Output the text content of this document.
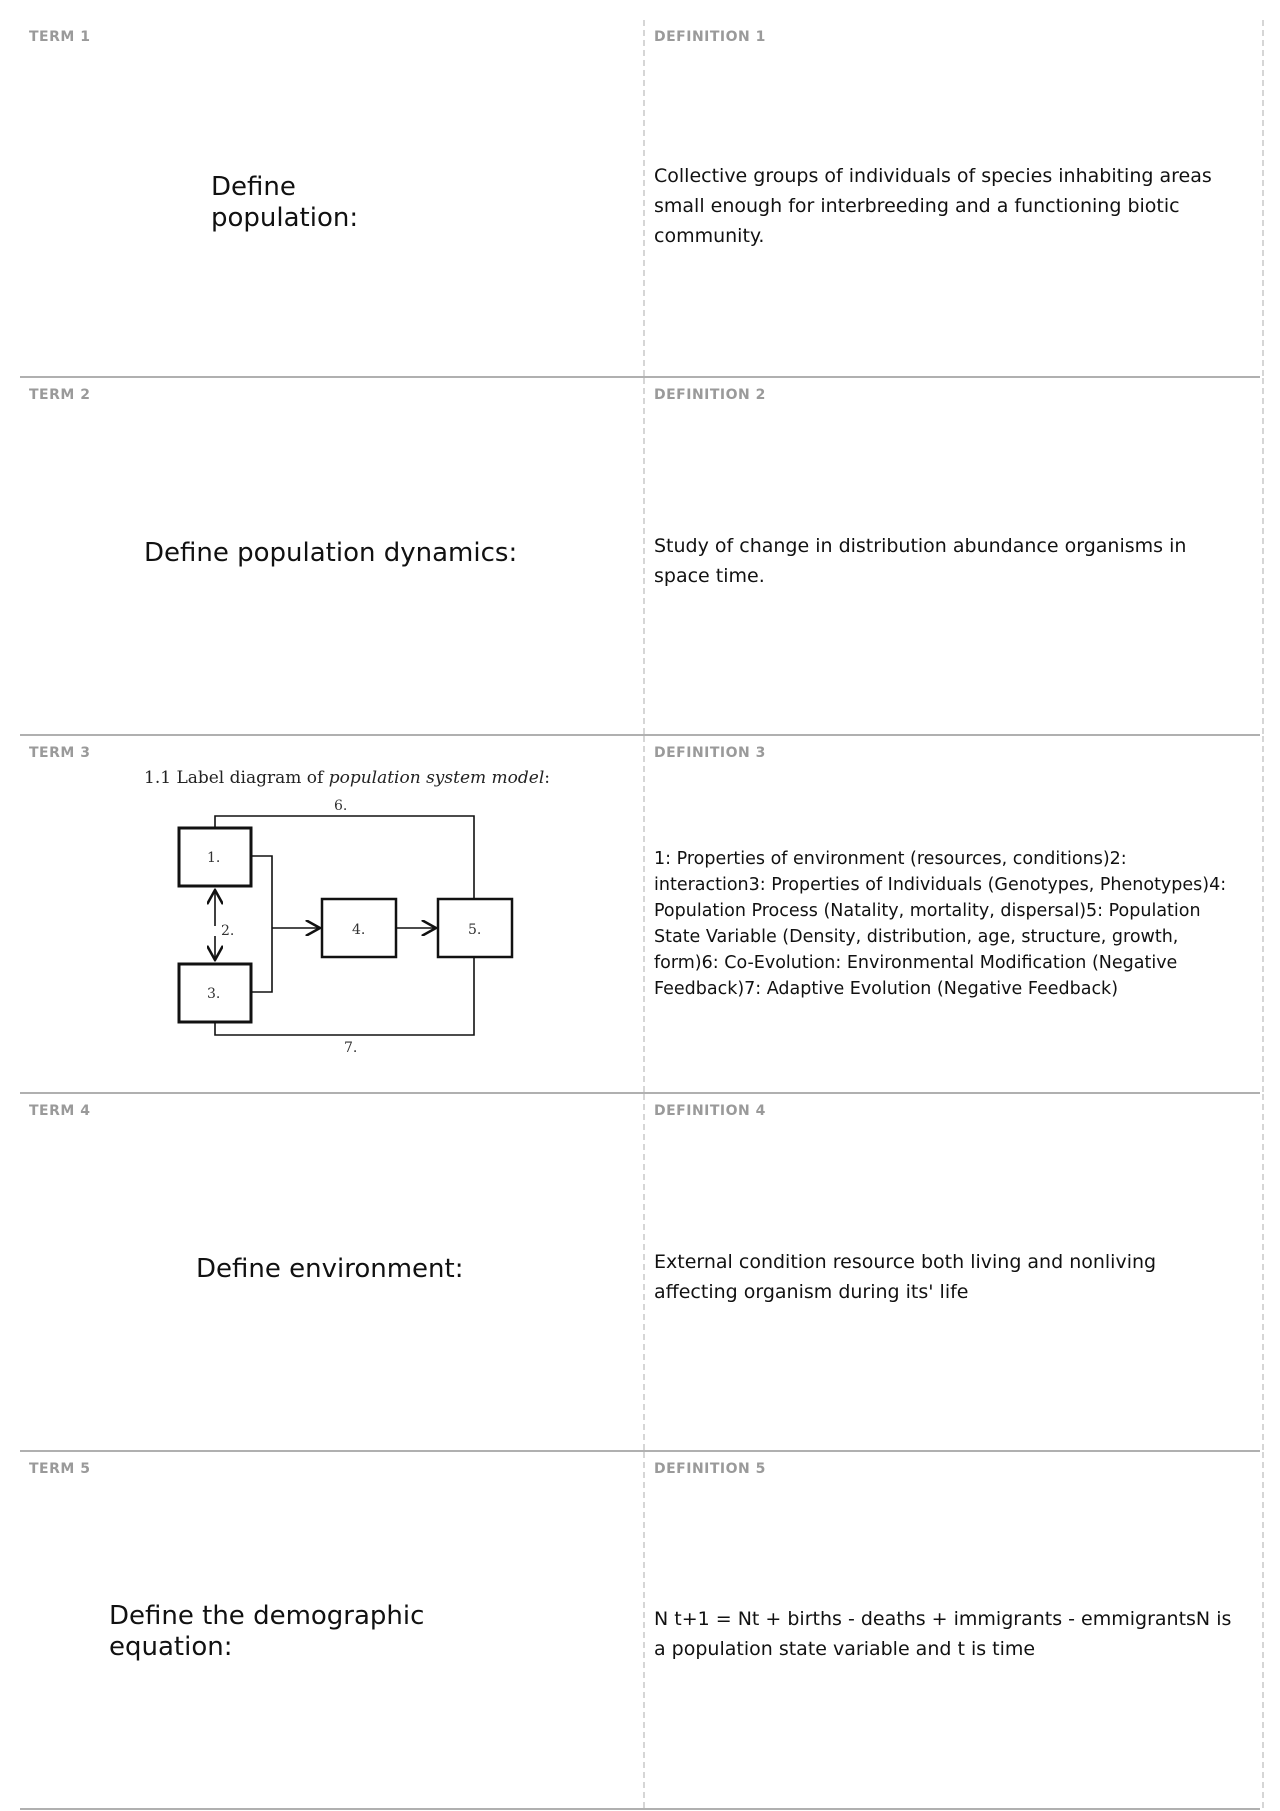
TERM 1
Define population:
DEFINITION 1
Collective groups of individuals of species inhabiting areas small enough for interbreeding and a functioning biotic community.
TERM 2
Define population dynamics:
DEFINITION 2
Study of change in distribution abundance organisms in space time.
TERM 3
1.1 Label diagram of population system model:
1.
2.
3.
4.	5.
6.
7.
DEFINITION 3
1: Properties of environment (resources, conditions)2: interaction3: Properties of Individuals (Genotypes, Phenotypes)4: Population Process (Natality, mortality, dispersal)5: Population State Variable (Density, distribution, age, structure, growth, form)6: Co-Evolution: Environmental Modification (Negative Feedback)7: Adaptive Evolution (Negative Feedback)
TERM 4
Define environment:
DEFINITION 4
External condition resource both living and nonliving affecting organism during its' life
TERM 5
Define the demographic equation:
DEFINITION 5
N t+1 = Nt + births - deaths + immigrants - emmigrantsN is a population state variable and t is time
